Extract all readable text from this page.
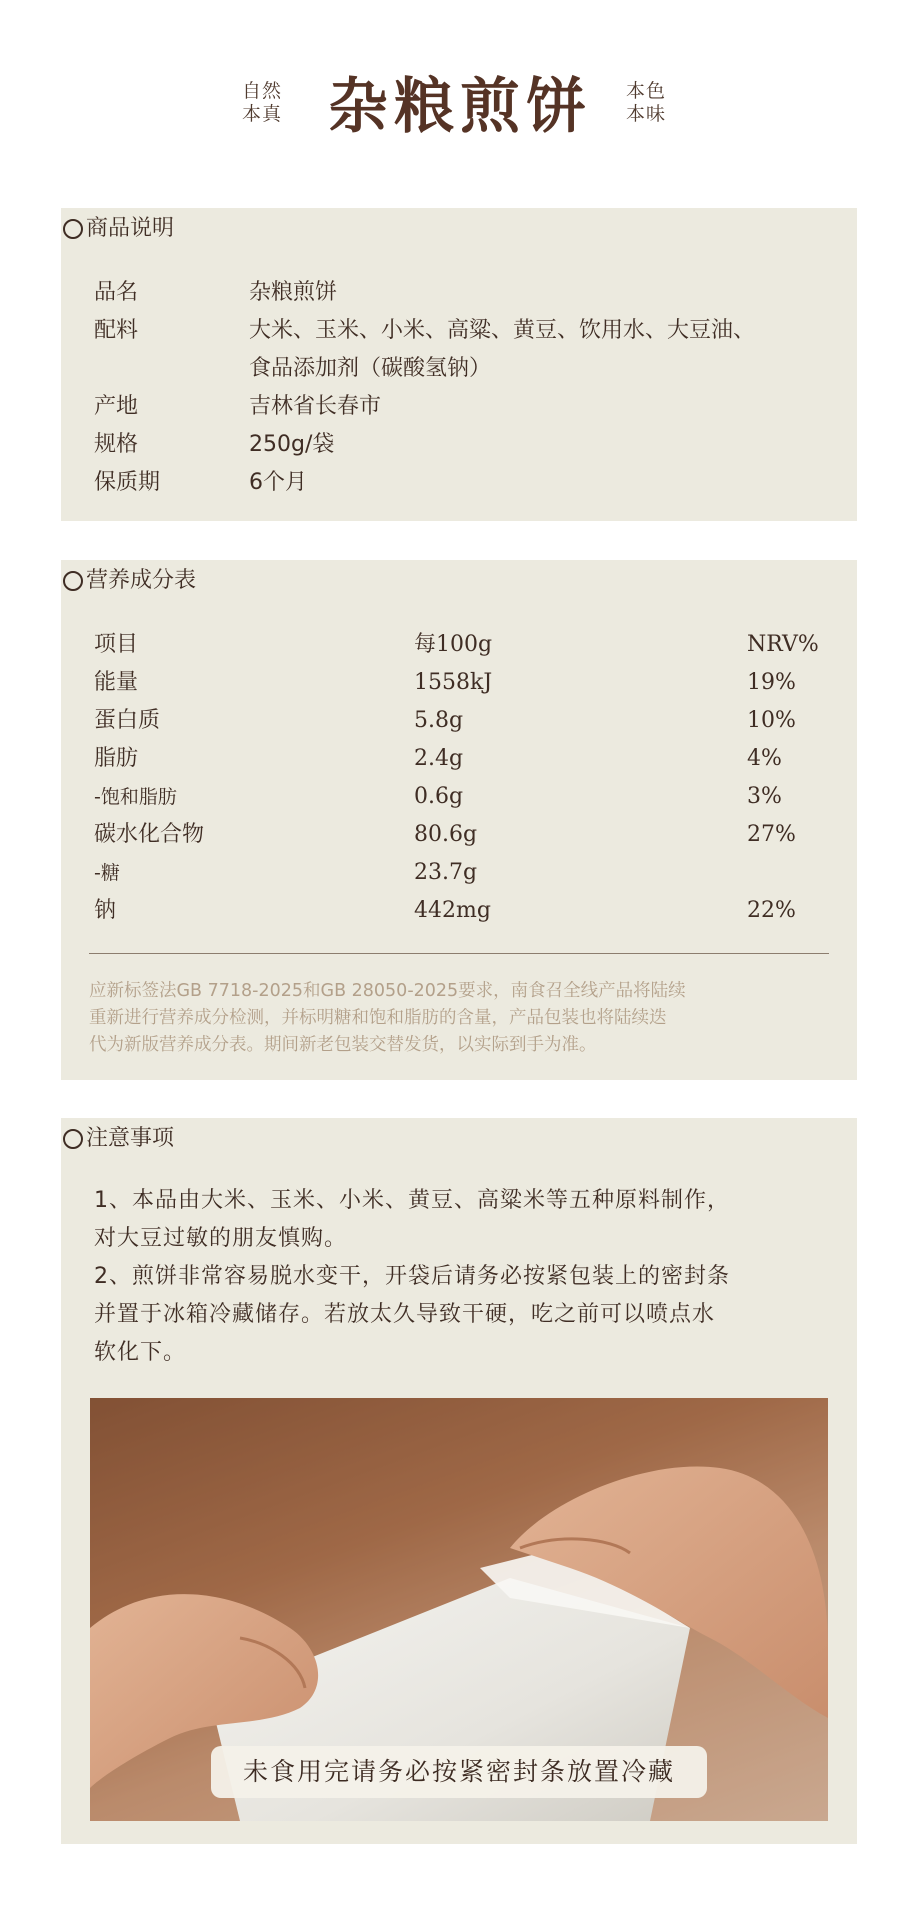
自然
本真 杂粮煎饼 本色
本味
商品说明
品名	杂粮煎饼
配料	大米、玉米、小米、高粱、黄豆、饮用水、大豆油、
食品添加剂（碳酸氢钠）
产地	吉林省长春市
规格	250g/袋
保质期	6个月
营养成分表
项目	每100g	NRV%
能量	1558kJ	19%
蛋白质	5.8g	10%
脂肪	2.4g	4%
-饱和脂肪	0.6g	3%
碳水化合物	80.6g	27%
-糖	23.7g
钠	442mg	22%
应新标签法GB 7718-2025和GB 28050-2025要求，南食召全线产品将陆续
重新进行营养成分检测，并标明糖和饱和脂肪的含量，产品包装也将陆续迭
代为新版营养成分表。期间新老包装交替发货，以实际到手为准。
注意事项
1、本品由大米、玉米、小米、黄豆、高粱米等五种原料制作，
对大豆过敏的朋友慎购。
2、煎饼非常容易脱水变干，开袋后请务必按紧包装上的密封条
并置于冰箱冷藏储存。若放太久导致干硬，吃之前可以喷点水
软化下。
未食用完请务必按紧密封条放置冷藏
